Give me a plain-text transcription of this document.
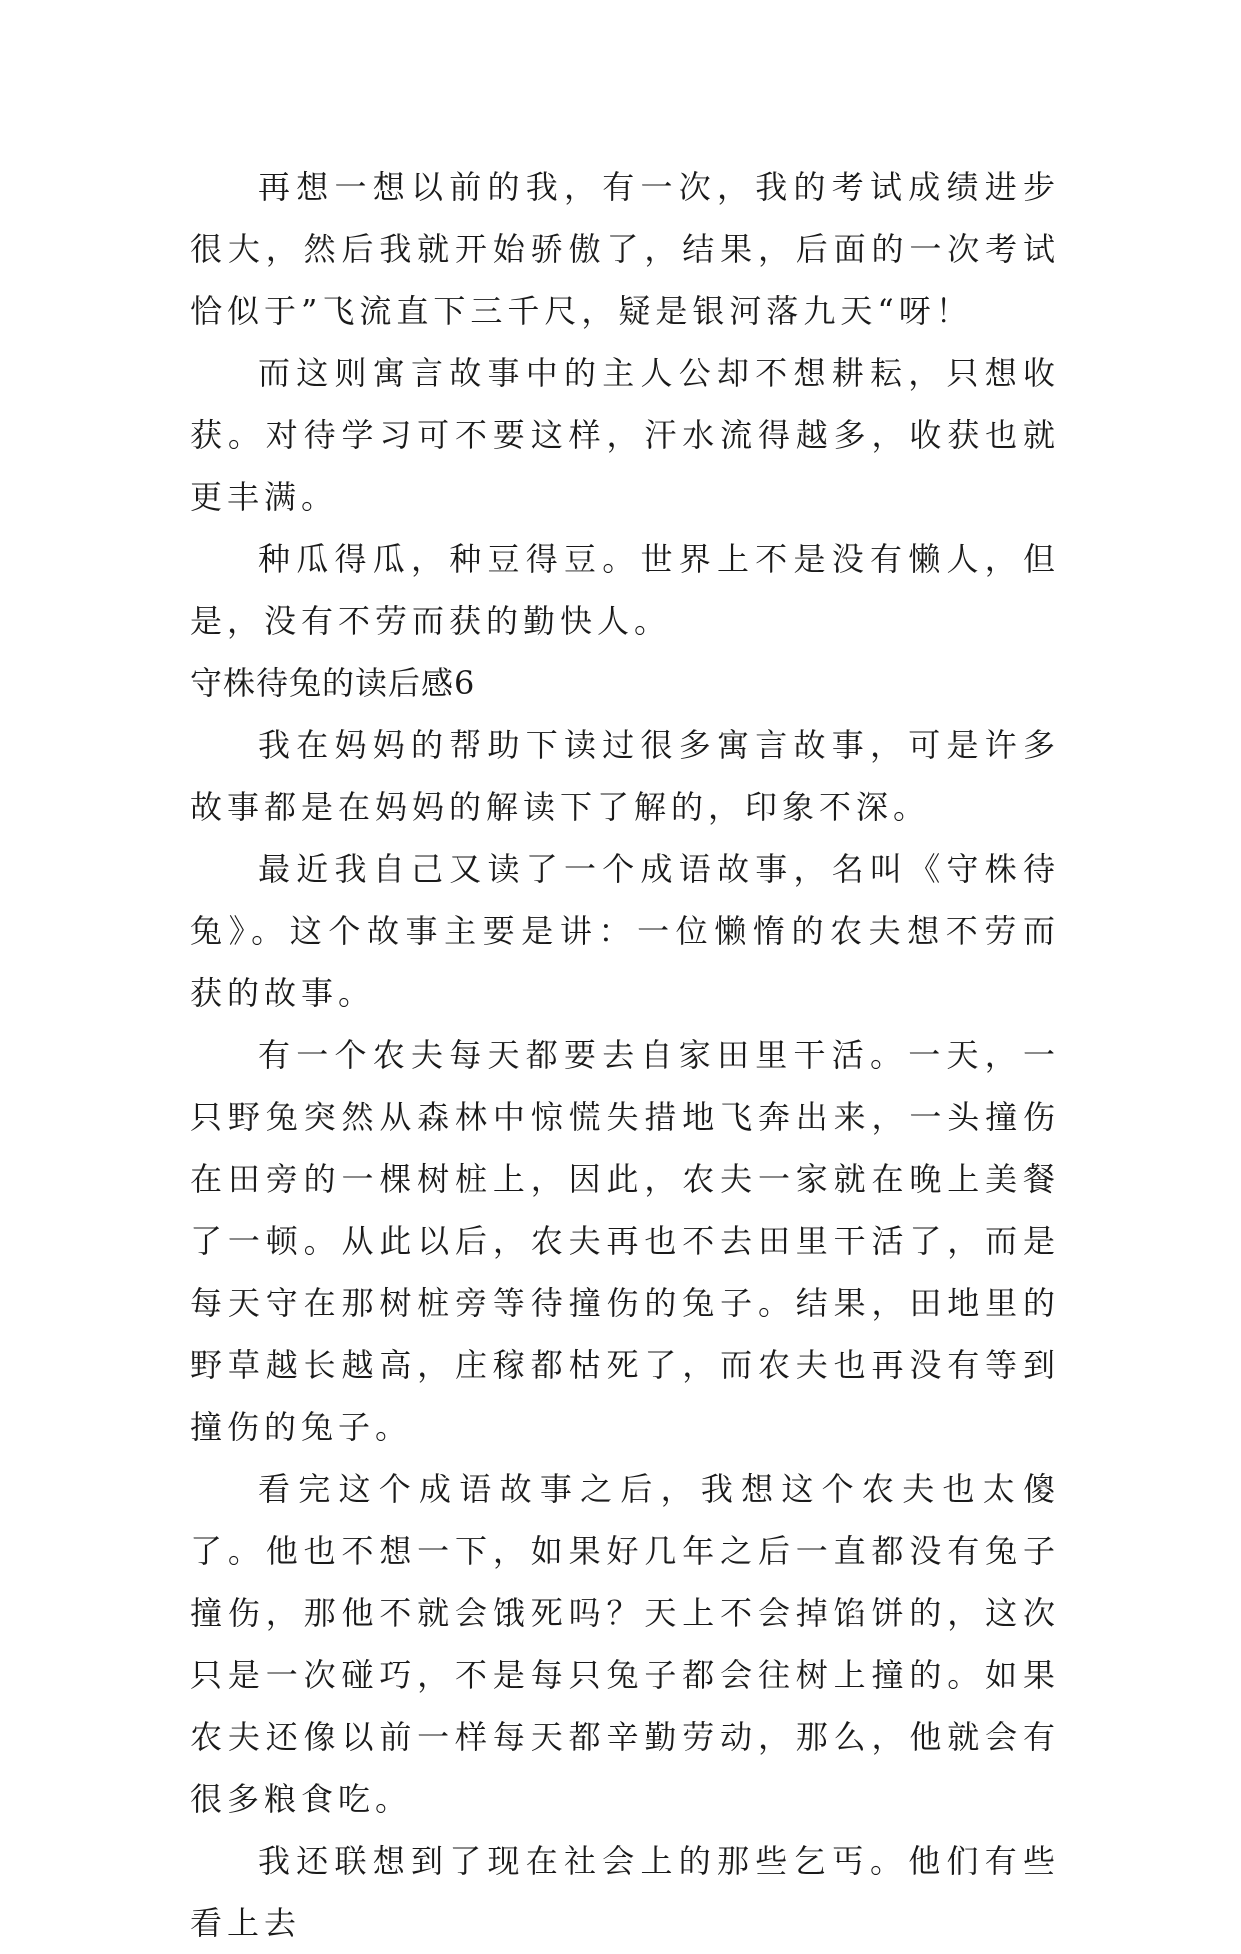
再想一想以前的我，有一次，我的考试成绩进步很大，然后我就开始骄傲了，结果，后面的一次考试恰似于”飞流直下三千尺，疑是银河落九天“呀！

而这则寓言故事中的主人公却不想耕耘，只想收获。对待学习可不要这样，汗水流得越多，收获也就更丰满。

种瓜得瓜，种豆得豆。世界上不是没有懒人，但是，没有不劳而获的勤快人。

守株待兔的读后感6

我在妈妈的帮助下读过很多寓言故事，可是许多故事都是在妈妈的解读下了解的，印象不深。

最近我自己又读了一个成语故事，名叫《守株待兔》。这个故事主要是讲：一位懒惰的农夫想不劳而获的故事。

有一个农夫每天都要去自家田里干活。一天，一只野兔突然从森林中惊慌失措地飞奔出来，一头撞伤在田旁的一棵树桩上，因此，农夫一家就在晚上美餐了一顿。从此以后，农夫再也不去田里干活了，而是每天守在那树桩旁等待撞伤的兔子。结果，田地里的野草越长越高，庄稼都枯死了，而农夫也再没有等到撞伤的兔子。

看完这个成语故事之后，我想这个农夫也太傻了。他也不想一下，如果好几年之后一直都没有兔子撞伤，那他不就会饿死吗？天上不会掉馅饼的，这次只是一次碰巧，不是每只兔子都会往树上撞的。如果农夫还像以前一样每天都辛勤劳动，那么，他就会有很多粮食吃。

我还联想到了现在社会上的那些乞丐。他们有些看上去
